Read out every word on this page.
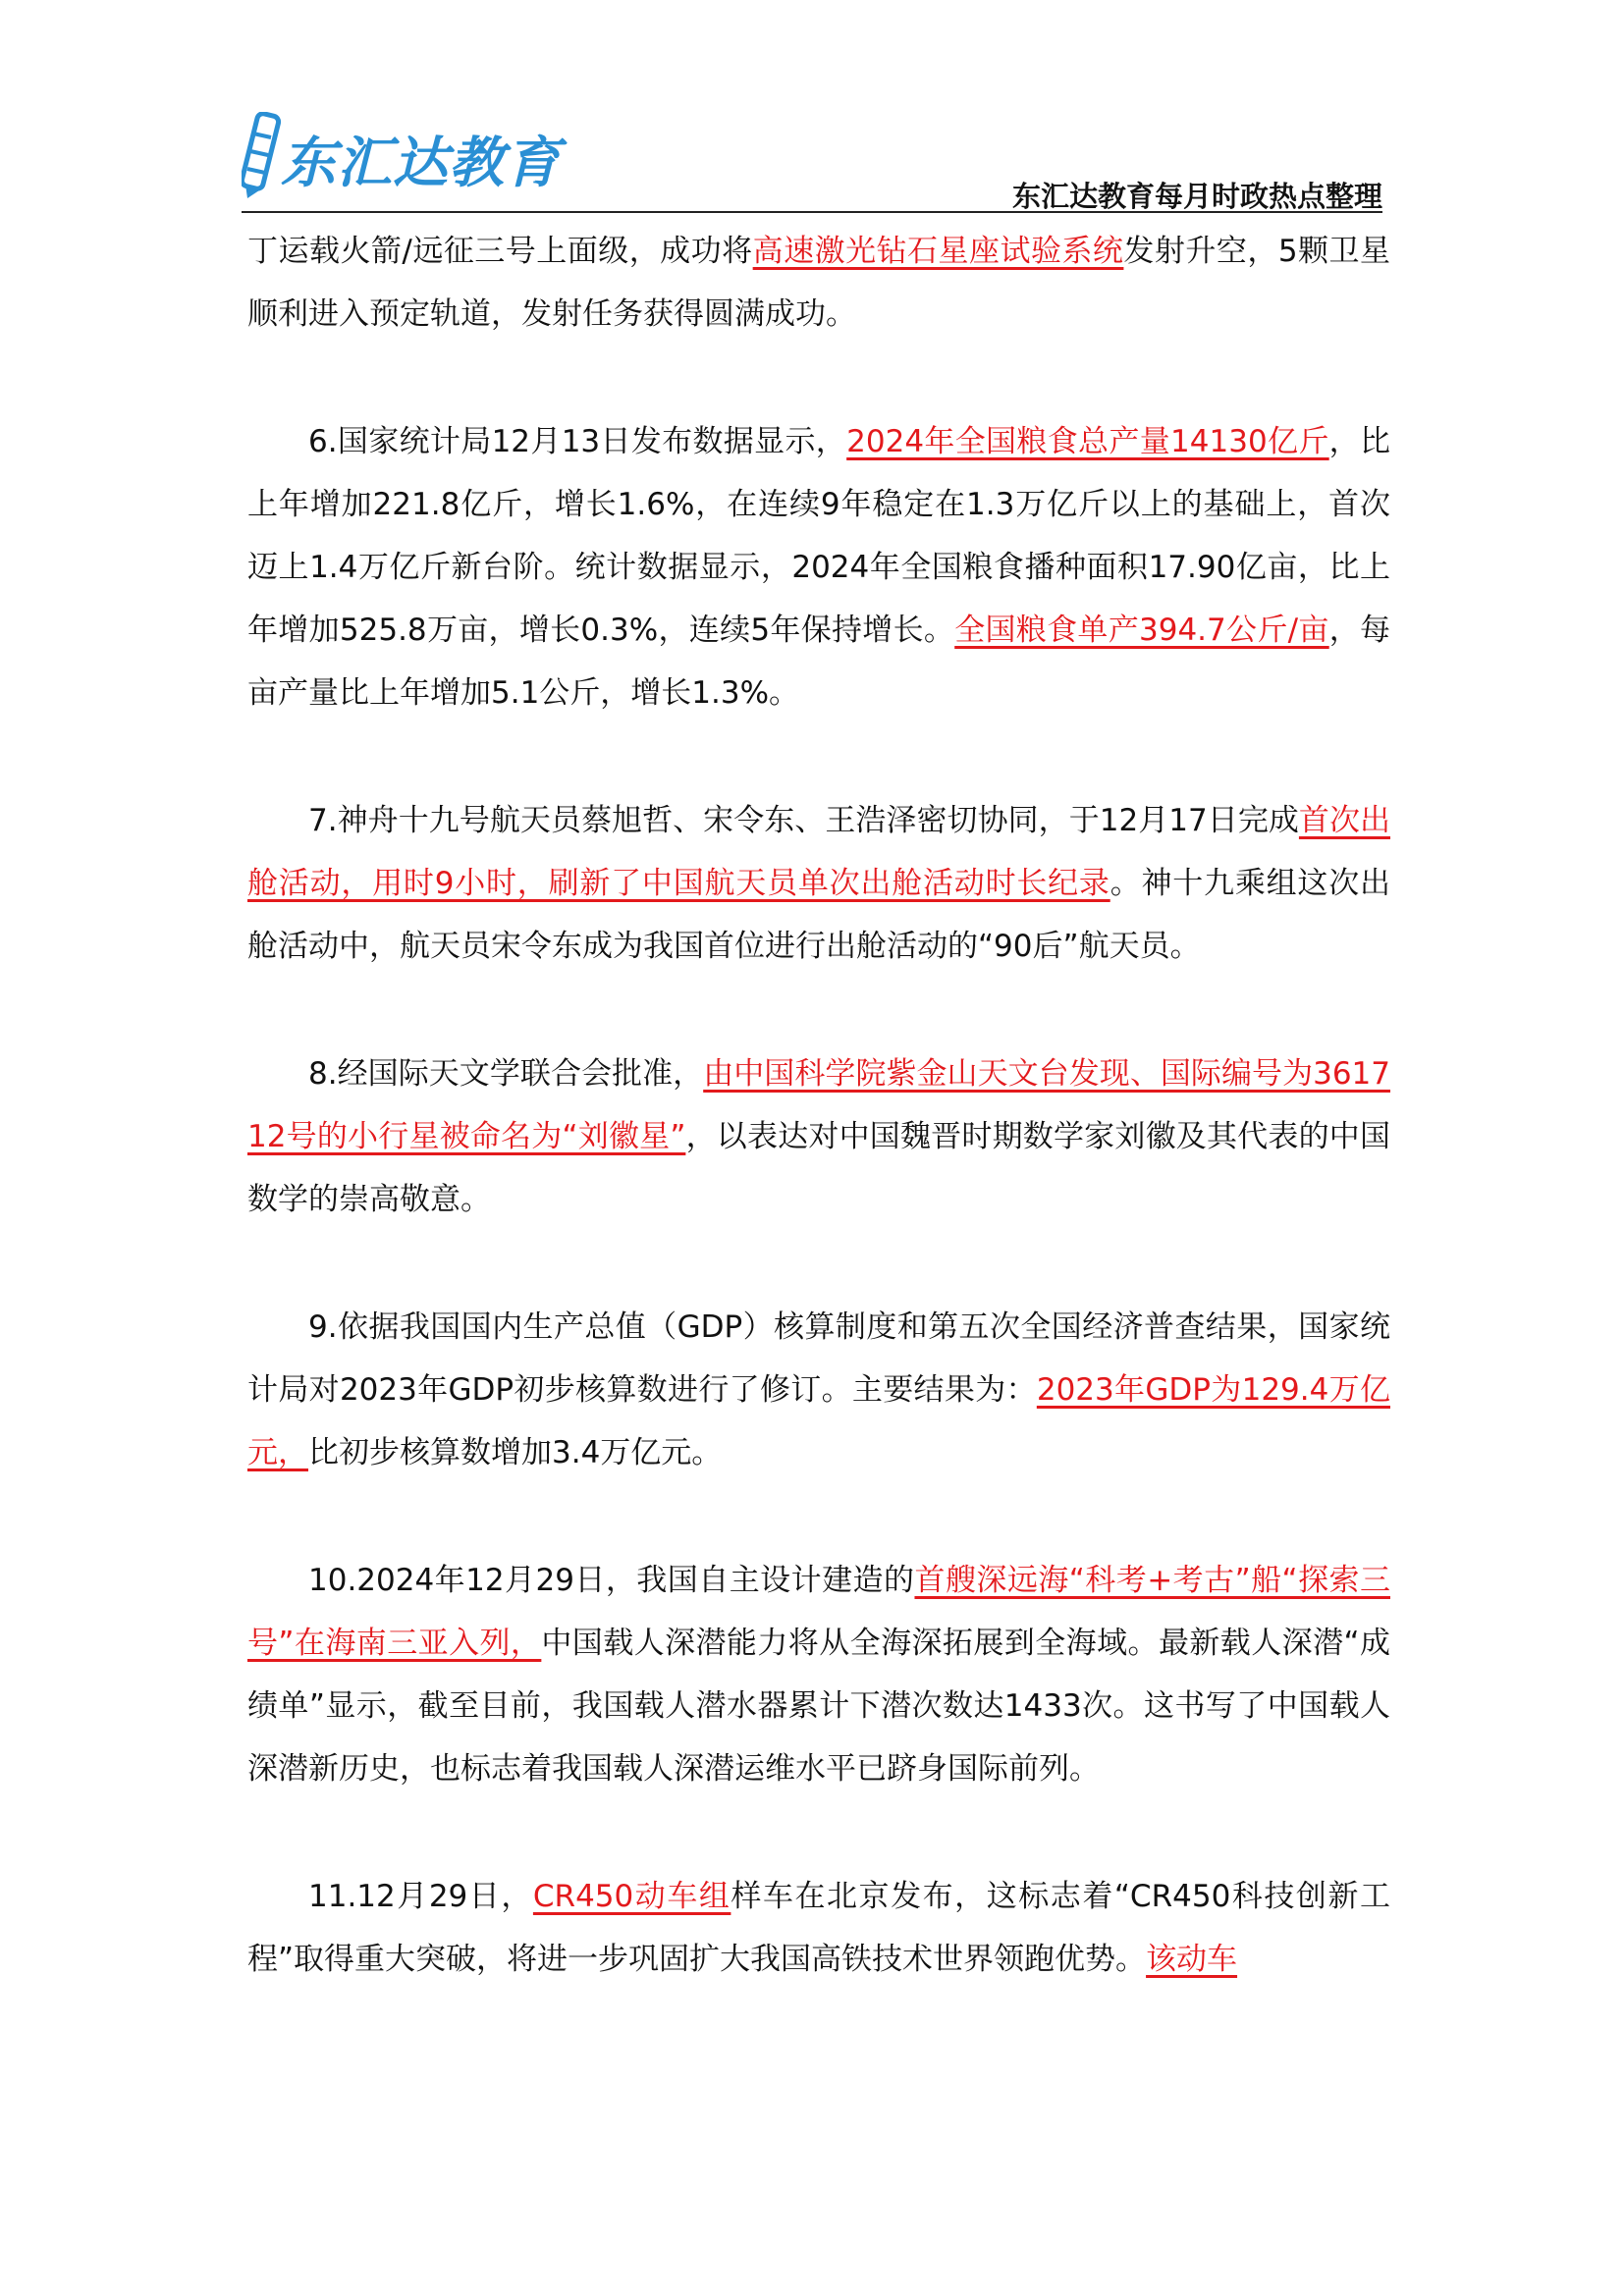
东汇达教育
东汇达教育每月时政热点整理

丁运载火箭/远征三号上面级，成功将高速激光钻石星座试验系统发射升空，5颗卫星顺利进入预定轨道，发射任务获得圆满成功。

6.国家统计局12月13日发布数据显示，2024年全国粮食总产量14130亿斤，比上年增加221.8亿斤，增长1.6%，在连续9年稳定在1.3万亿斤以上的基础上，首次迈上1.4万亿斤新台阶。统计数据显示，2024年全国粮食播种面积17.90亿亩，比上年增加525.8万亩，增长0.3%，连续5年保持增长。全国粮食单产394.7公斤/亩，每亩产量比上年增加5.1公斤，增长1.3%。

7.神舟十九号航天员蔡旭哲、宋令东、王浩泽密切协同，于12月17日完成首次出舱活动，用时9小时，刷新了中国航天员单次出舱活动时长纪录。神十九乘组这次出舱活动中，航天员宋令东成为我国首位进行出舱活动的“90后”航天员。

8.经国际天文学联合会批准，由中国科学院紫金山天文台发现、国际编号为361712号的小行星被命名为“刘徽星”，以表达对中国魏晋时期数学家刘徽及其代表的中国数学的崇高敬意。

9.依据我国国内生产总值（GDP）核算制度和第五次全国经济普查结果，国家统计局对2023年GDP初步核算数进行了修订。主要结果为：2023年GDP为129.4万亿元，比初步核算数增加3.4万亿元。

10.2024年12月29日，我国自主设计建造的首艘深远海“科考+考古”船“探索三号”在海南三亚入列，中国载人深潜能力将从全海深拓展到全海域。最新载人深潜“成绩单”显示，截至目前，我国载人潜水器累计下潜次数达1433次。这书写了中国载人深潜新历史，也标志着我国载人深潜运维水平已跻身国际前列。

11.12月29日，CR450动车组样车在北京发布，这标志着“CR450科技创新工程”取得重大突破，将进一步巩固扩大我国高铁技术世界领跑优势。该动车
